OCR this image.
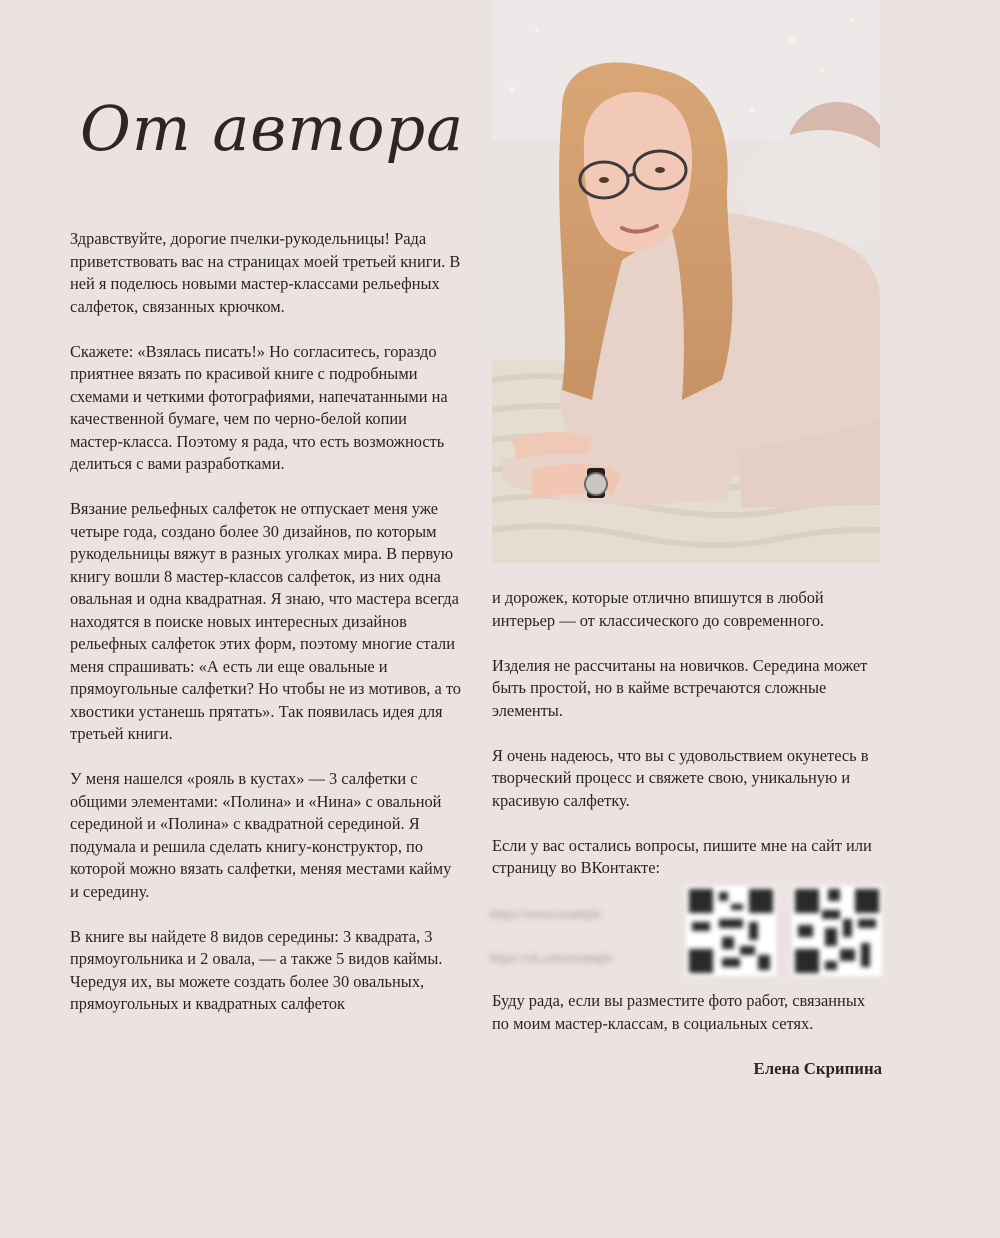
От автора

Здравствуйте, дорогие пчелки-рукодельницы! Рада приветствовать вас на страницах моей третьей книги. В ней я поделюсь новыми мастер-классами рельефных салфеток, связанных крючком.

Скажете: «Взялась писать!» Но согласитесь, гораздо приятнее вязать по красивой книге с подробными схемами и четкими фотографиями, напечатанными на качественной бумаге, чем по черно-белой копии мастер-класса. Поэтому я рада, что есть возможность делиться с вами разработками.

Вязание рельефных салфеток не отпускает меня уже четыре года, создано более 30 дизайнов, по которым рукодельницы вяжут в разных уголках мира. В первую книгу вошли 8 мастер-классов салфеток, из них одна овальная и одна квадратная. Я знаю, что мастера всегда находятся в поиске новых интересных дизайнов рельефных салфеток этих форм, поэтому многие стали меня спрашивать: «А есть ли еще овальные и прямоугольные салфетки? Но чтобы не из мотивов, а то хвостики устанешь прятать». Так появилась идея для третьей книги.

У меня нашелся «рояль в кустах» — 3 салфетки с общими элементами: «Полина» и «Нина» с овальной серединой и «Полина» с квадратной серединой. Я подумала и решила сделать книгу-конструктор, по которой можно вязать салфетки, меняя местами кайму и середину.

В книге вы найдете 8 видов середины: 3 квадрата, 3 прямоугольника и 2 овала, — а также 5 видов каймы. Чередуя их, вы можете создать более 30 овальных, прямоугольных и квадратных салфеток

и дорожек, которые отлично впишутся в любой интерьер — от классического до современного.

Изделия не рассчитаны на новичков. Середина может быть простой, но в кайме встречаются сложные элементы.

Я очень надеюсь, что вы с удовольствием окунетесь в творческий процесс и свяжете свою, уникальную и красивую салфетку.

Если у вас остались вопросы, пишите мне на сайт или страницу во ВКонтакте:

https://www.example
https://vk.com/example

Буду рада, если вы разместите фото работ, связанных по моим мастер-классам, в социальных сетях.

Елена Скрипина
